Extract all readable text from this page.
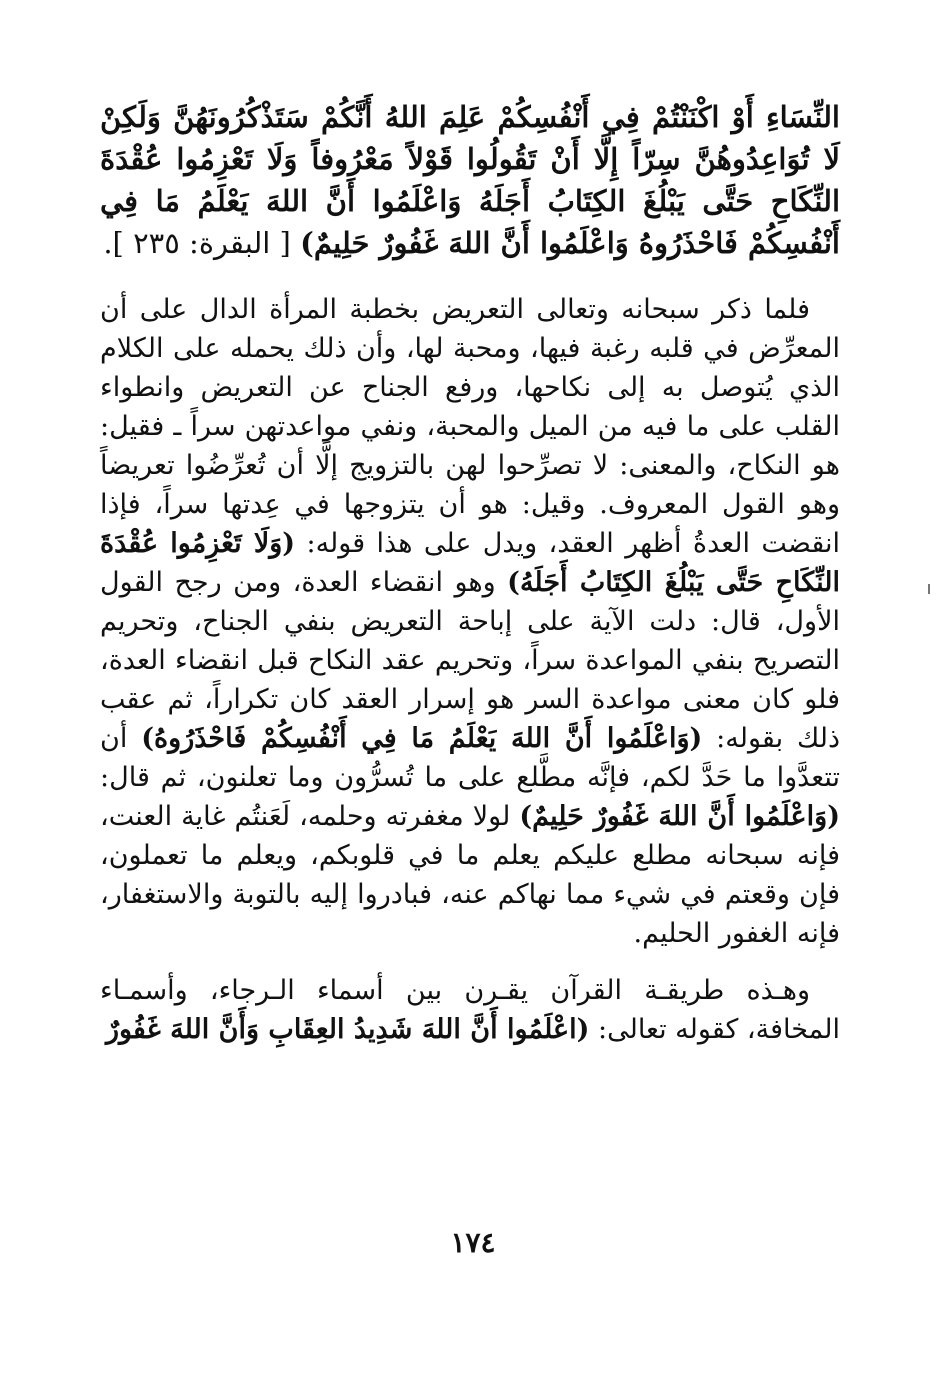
النِّسَاءِ أَوْ اكْنَنْتُمْ فِي أَنْفُسِكُمْ عَلِمَ اللهُ أَنَّكُمْ سَتَذْكُرُونَهُنَّ وَلَكِنْ لَا تُوَاعِدُوهُنَّ سِرّاً إِلَّا أَنْ تَقُولُوا قَوْلاً مَعْرُوفاً وَلَا تَعْزِمُوا عُقْدَةَ النِّكَاحِ حَتَّى يَبْلُغَ الكِتَابُ أَجَلَهُ وَاعْلَمُوا أَنَّ اللهَ يَعْلَمُ مَا فِي أَنْفُسِكُمْ فَاحْذَرُوهُ وَاعْلَمُوا أَنَّ اللهَ غَفُورٌ حَلِيمٌ) [ البقرة: ٢٣٥ ].

فلما ذكر سبحانه وتعالى التعريض بخطبة المرأة الدال على أن المعرِّض في قلبه رغبة فيها، ومحبة لها، وأن ذلك يحمله على الكلام الذي يُتوصل به إلى نكاحها، ورفع الجناح عن التعريض وانطواء القلب على ما فيه من الميل والمحبة، ونفي مواعدتهن سراً ـ فقيل: هو النكاح، والمعنى: لا تصرِّحوا لهن بالتزويج إلَّا أن تُعرِّضُوا تعريضاً وهو القول المعروف. وقيل: هو أن يتزوجها في عِدتها سراً، فإذا انقضت العدةُ أظهر العقد، ويدل على هذا قوله: (وَلَا تَعْزِمُوا عُقْدَةَ النِّكَاحِ حَتَّى يَبْلُغَ الكِتَابُ أَجَلَهُ) وهو انقضاء العدة، ومن رجح القول الأول، قال: دلت الآية على إباحة التعريض بنفي الجناح، وتحريم التصريح بنفي المواعدة سراً، وتحريم عقد النكاح قبل انقضاء العدة، فلو كان معنى مواعدة السر هو إسرار العقد كان تكراراً، ثم عقب ذلك بقوله: (وَاعْلَمُوا أَنَّ اللهَ يَعْلَمُ مَا فِي أَنْفُسِكُمْ فَاحْذَرُوهُ) أن تتعدَّوا ما حَدَّ لكم، فإنَّه مطَّلع على ما تُسرُّون وما تعلنون، ثم قال: (وَاعْلَمُوا أَنَّ اللهَ غَفُورٌ حَلِيمٌ) لولا مغفرته وحلمه، لَعَنتُم غاية العنت، فإنه سبحانه مطلع عليكم يعلم ما في قلوبكم، ويعلم ما تعملون، فإن وقعتم في شيء مما نهاكم عنه، فبادروا إليه بالتوبة والاستغفار، فإنه الغفور الحليم.

وهـذه طريقـة القرآن يقـرن بين أسماء الـرجاء، وأسمـاء المخافة، كقوله تعالى: (اعْلَمُوا أَنَّ اللهَ شَدِيدُ العِقَابِ وَأَنَّ اللهَ غَفُورٌ

١٧٤
